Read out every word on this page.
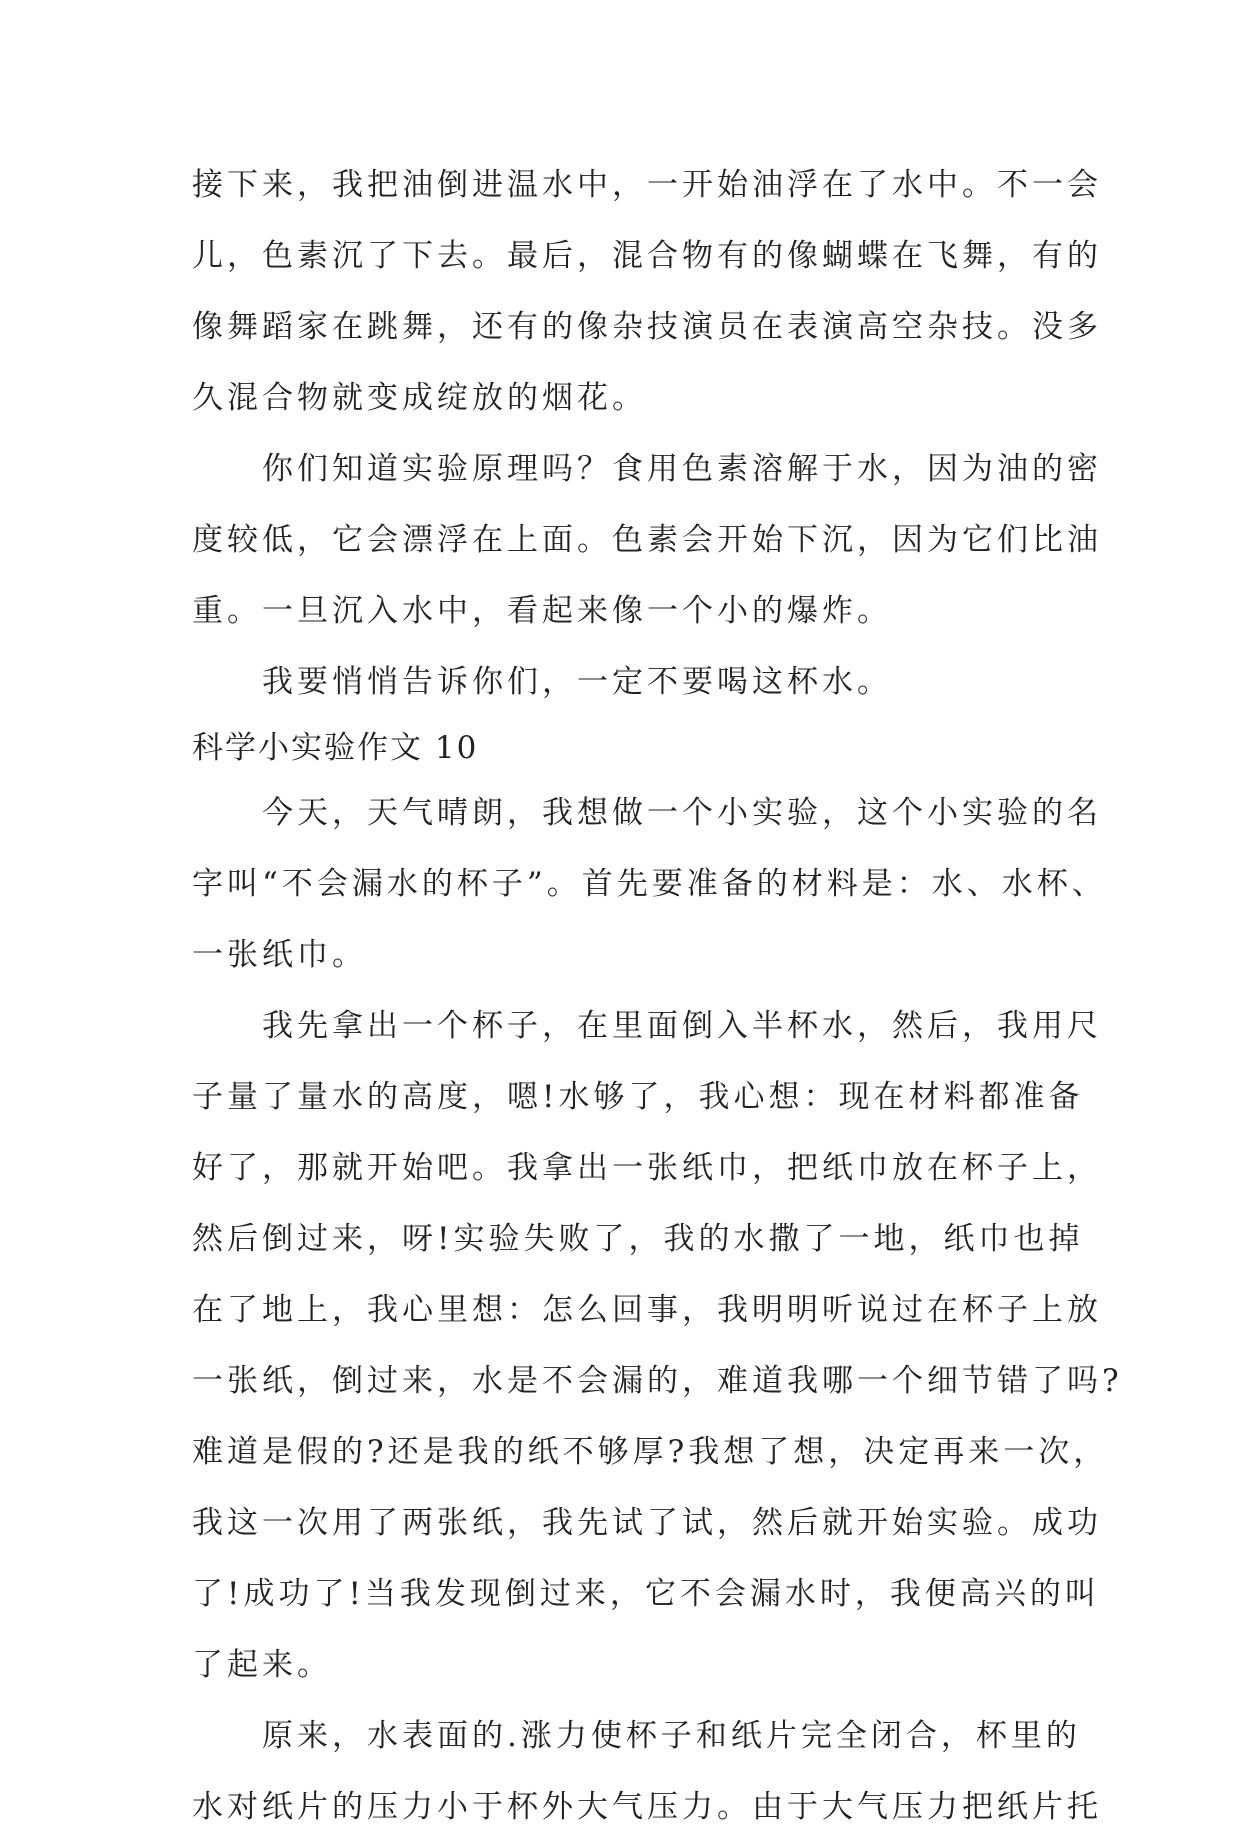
接下来，我把油倒进温水中，一开始油浮在了水中。不一会
儿，色素沉了下去。最后，混合物有的像蝴蝶在飞舞，有的
像舞蹈家在跳舞，还有的像杂技演员在表演高空杂技。没多
久混合物就变成绽放的烟花。
你们知道实验原理吗？食用色素溶解于水，因为油的密
度较低，它会漂浮在上面。色素会开始下沉，因为它们比油
重。一旦沉入水中，看起来像一个小的爆炸。
我要悄悄告诉你们，一定不要喝这杯水。
科学小实验作文 10
今天，天气晴朗，我想做一个小实验，这个小实验的名
字叫“不会漏水的杯子”。首先要准备的材料是：水、水杯、
一张纸巾。
我先拿出一个杯子，在里面倒入半杯水，然后，我用尺
子量了量水的高度，嗯!水够了，我心想：现在材料都准备
好了，那就开始吧。我拿出一张纸巾，把纸巾放在杯子上，
然后倒过来，呀!实验失败了，我的水撒了一地，纸巾也掉
在了地上，我心里想：怎么回事，我明明听说过在杯子上放
一张纸，倒过来，水是不会漏的，难道我哪一个细节错了吗?
难道是假的?还是我的纸不够厚?我想了想，决定再来一次，
我这一次用了两张纸，我先试了试，然后就开始实验。成功
了!成功了!当我发现倒过来，它不会漏水时，我便高兴的叫
了起来。
原来，水表面的.涨力使杯子和纸片完全闭合，杯里的
水对纸片的压力小于杯外大气压力。由于大气压力把纸片托
